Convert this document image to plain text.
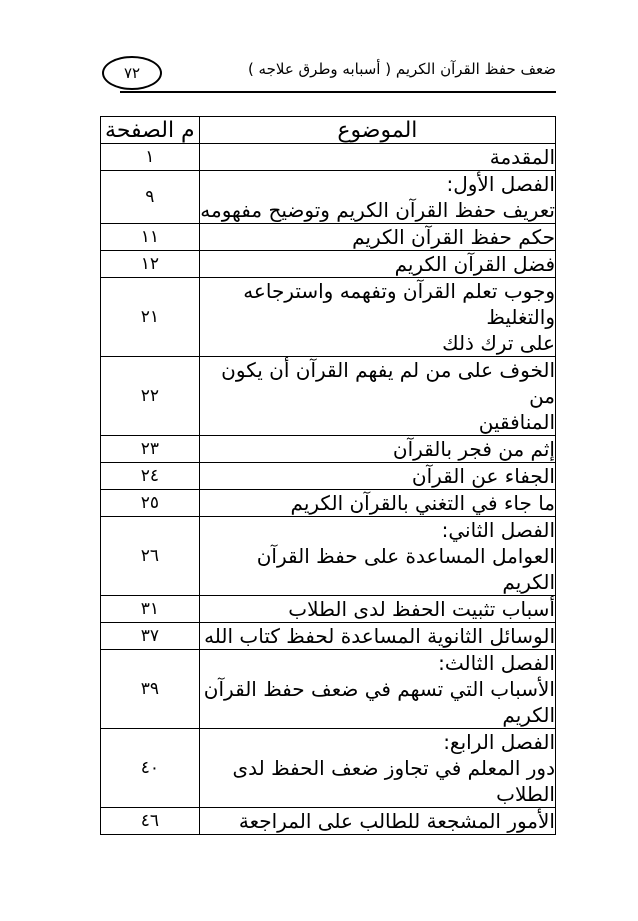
ضعف حفظ القرآن الكريم ( أسبابه وطرق علاجه )
٧٢
الموضوع	م الصفحة

المقدمة	١

الفصل الأول:
تعريف حفظ القرآن الكريم وتوضيح مفهومه	٩

حكم حفظ القرآن الكريم	١١

فضل القرآن الكريم	١٢

وجوب تعلم القرآن وتفهمه واسترجاعه والتغليظ
على ترك ذلك	٢١

الخوف على من لم يفهم القرآن أن يكون من
المنافقين	٢٢

إثم من فجر بالقرآن	٢٣

الجفاء عن القرآن	٢٤

ما جاء في التغني بالقرآن الكريم	٢٥

الفصل الثاني:
العوامل المساعدة على حفظ القرآن الكريم	٢٦

أسباب تثبيت الحفظ لدى الطلاب	٣١

الوسائل الثانوية المساعدة لحفظ كتاب الله	٣٧

الفصل الثالث:
الأسباب التي تسهم في ضعف حفظ القرآن الكريم	٣٩

الفصل الرابع:
دور المعلم في تجاوز ضعف الحفظ لدى الطلاب	٤٠

الأمور المشجعة للطالب على المراجعة	٤٦
